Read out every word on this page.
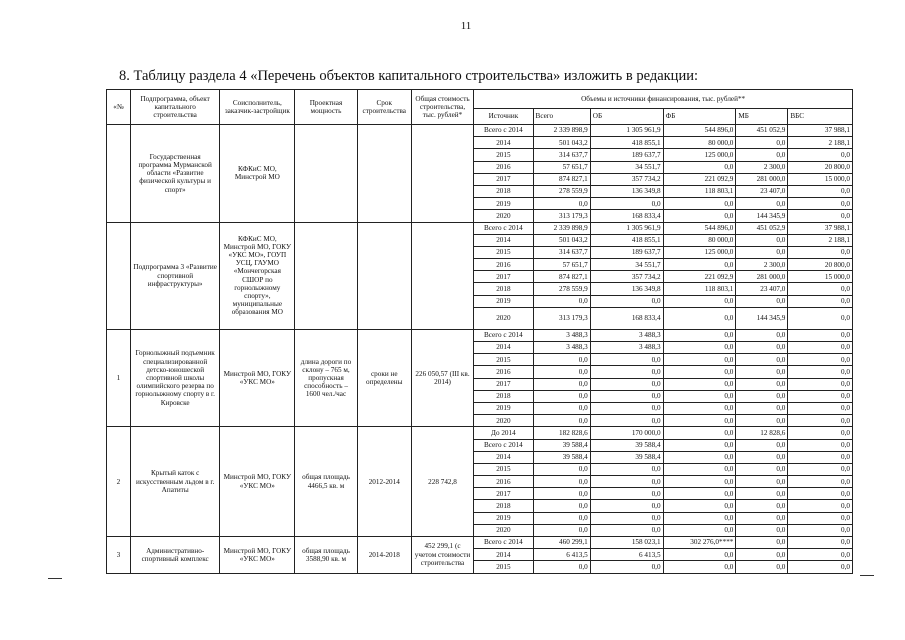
11
8. Таблицу раздела 4 «Перечень объектов капитального строительства» изложить в редакции:
«№	Подпрограмма, объект капитального строительства	Соисполнитель, заказчик-застройщик	Проектная мощность	Срок строительства	Общая стоимость строительства, тыс. рублей*	Объемы и источники финансирования, тыс. рублей**					
						Источник	Всего	ОБ	ФБ	МБ	ВБС
	Государственная программа Мурманской области «Развитие физической культуры и спорт»	КФКиС МО, Минстрой МО				Всего с 2014	2 339 898,9	1 305 961,9	544 896,0	451 052,9	37 988,1
						2014	501 043,2	418 855,1	80 000,0	0,0	2 188,1
						2015	314 637,7	189 637,7	125 000,0	0,0	0,0
						2016	57 651,7	34 551,7	0,0	2 300,0	20 800,0
						2017	874 827,1	357 734,2	221 092,9	281 000,0	15 000,0
						2018	278 559,9	136 349,8	118 803,1	23 407,0	0,0
						2019	0,0	0,0	0,0	0,0	0,0
						2020	313 179,3	168 833,4	0,0	144 345,9	0,0
	Подпрограмма 3 «Развитие спортивной инфраструктуры»	КФКиС МО, Минстрой МО, ГОКУ «УКС МО», ГОУП УСЦ, ГАУМО «Мончегорская СШОР по горнолыжному спорту», муниципальные образования МО				Всего с 2014	2 339 898,9	1 305 961,9	544 896,0	451 052,9	37 988,1
						2014	501 043,2	418 855,1	80 000,0	0,0	2 188,1
						2015	314 637,7	189 637,7	125 000,0	0,0	0,0
						2016	57 651,7	34 551,7	0,0	2 300,0	20 800,0
						2017	874 827,1	357 734,2	221 092,9	281 000,0	15 000,0
						2018	278 559,9	136 349,8	118 803,1	23 407,0	0,0
						2019	0,0	0,0	0,0	0,0	0,0
						2020	313 179,3	168 833,4	0,0	144 345,9	0,0
1	Горнолыжный подъемник специализированной детско-юношеской спортивной школы олимпийского резерва по горнолыжному спорту в г. Кировске	Минстрой МО, ГОКУ «УКС МО»	длина дороги по склону – 765 м, пропускная способность – 1600 чел./час	сроки не определены	226 050,57 (III кв. 2014)	Всего с 2014	3 488,3	3 488,3	0,0	0,0	0,0
						2014	3 488,3	3 488,3	0,0	0,0	0,0
						2015	0,0	0,0	0,0	0,0	0,0
						2016	0,0	0,0	0,0	0,0	0,0
						2017	0,0	0,0	0,0	0,0	0,0
						2018	0,0	0,0	0,0	0,0	0,0
						2019	0,0	0,0	0,0	0,0	0,0
						2020	0,0	0,0	0,0	0,0	0,0
2	Крытый каток с искусственным льдом в г. Апатиты	Минстрой МО, ГОКУ «УКС МО»	общая площадь 4466,5 кв. м	2012-2014	228 742,8	До 2014	182 828,6	170 000,0	0,0	12 828,6	0,0
						Всего с 2014	39 588,4	39 588,4	0,0	0,0	0,0
						2014	39 588,4	39 588,4	0,0	0,0	0,0
						2015	0,0	0,0	0,0	0,0	0,0
						2016	0,0	0,0	0,0	0,0	0,0
						2017	0,0	0,0	0,0	0,0	0,0
						2018	0,0	0,0	0,0	0,0	0,0
						2019	0,0	0,0	0,0	0,0	0,0
						2020	0,0	0,0	0,0	0,0	0,0
3	Административно-спортивный комплекс	Минстрой МО, ГОКУ «УКС МО»	общая площадь 3588,90 кв. м	2014-2018	452 299,1 (с учетом стоимости строительства	Всего с 2014	460 299,1	158 023,1	302 276,0****	0,0	0,0
						2014	6 413,5	6 413,5	0,0	0,0	0,0
						2015	0,0	0,0	0,0	0,0	0,0
